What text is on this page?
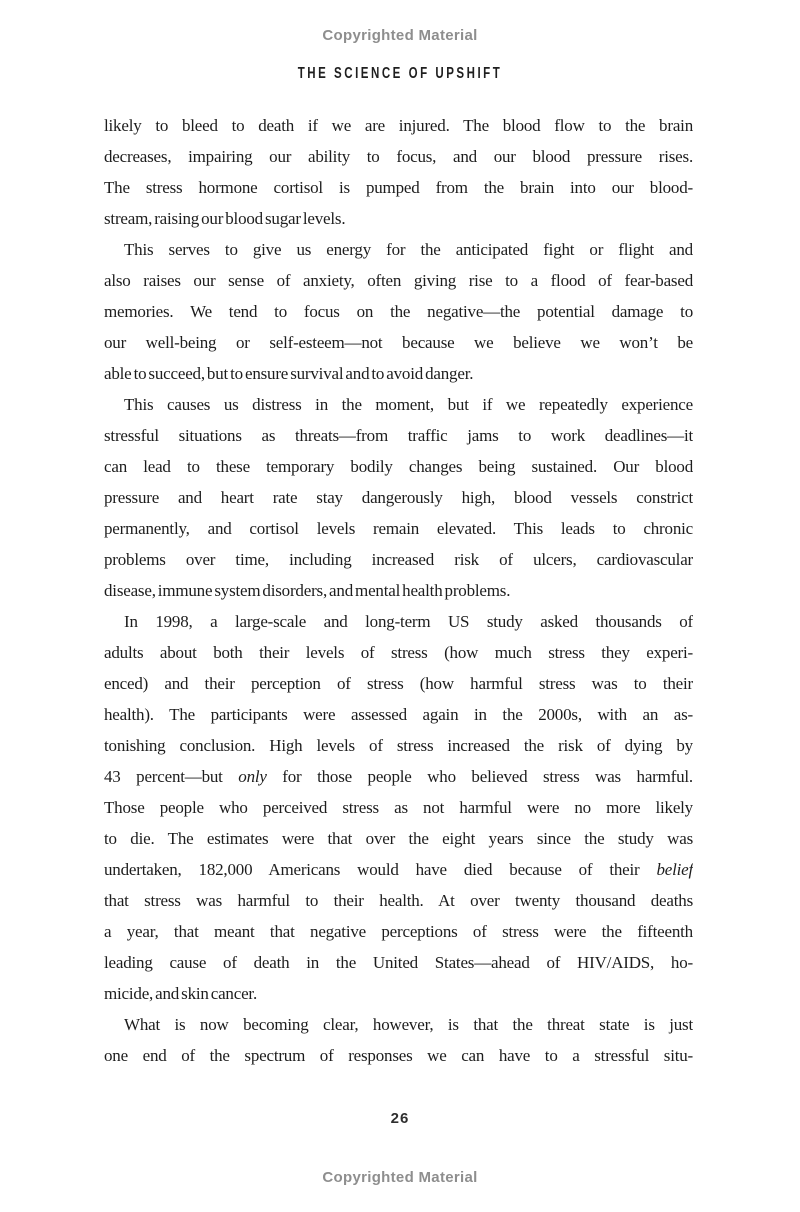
Copyrighted Material
THE SCIENCE OF UPSHIFT
likely to bleed to death if we are injured. The blood flow to the brain
decreases, impairing our ability to focus, and our blood pressure rises.
The stress hormone cortisol is pumped from the brain into our blood-
stream, raising our blood sugar levels.
This serves to give us energy for the anticipated fight or flight and
also raises our sense of anxiety, often giving rise to a flood of fear-based
memories. We tend to focus on the negative—the potential damage to
our well-being or self-esteem—not because we believe we won’t be
able to succeed, but to ensure survival and to avoid danger.
This causes us distress in the moment, but if we repeatedly experience
stressful situations as threats—from traffic jams to work deadlines—it
can lead to these temporary bodily changes being sustained. Our blood
pressure and heart rate stay dangerously high, blood vessels constrict
permanently, and cortisol levels remain elevated. This leads to chronic
problems over time, including increased risk of ulcers, cardiovascular
disease, immune system disorders, and mental health problems.
In 1998, a large-scale and long-term US study asked thousands of
adults about both their levels of stress (how much stress they experi-
enced) and their perception of stress (how harmful stress was to their
health). The participants were assessed again in the 2000s, with an as-
tonishing conclusion. High levels of stress increased the risk of dying by
43 percent—but only for those people who believed stress was harmful.
Those people who perceived stress as not harmful were no more likely
to die. The estimates were that over the eight years since the study was
undertaken, 182,000 Americans would have died because of their belief
that stress was harmful to their health. At over twenty thousand deaths
a year, that meant that negative perceptions of stress were the fifteenth
leading cause of death in the United States—ahead of HIV/AIDS, ho-
micide, and skin cancer.
What is now becoming clear, however, is that the threat state is just
one end of the spectrum of responses we can have to a stressful situ-
26
Copyrighted Material
